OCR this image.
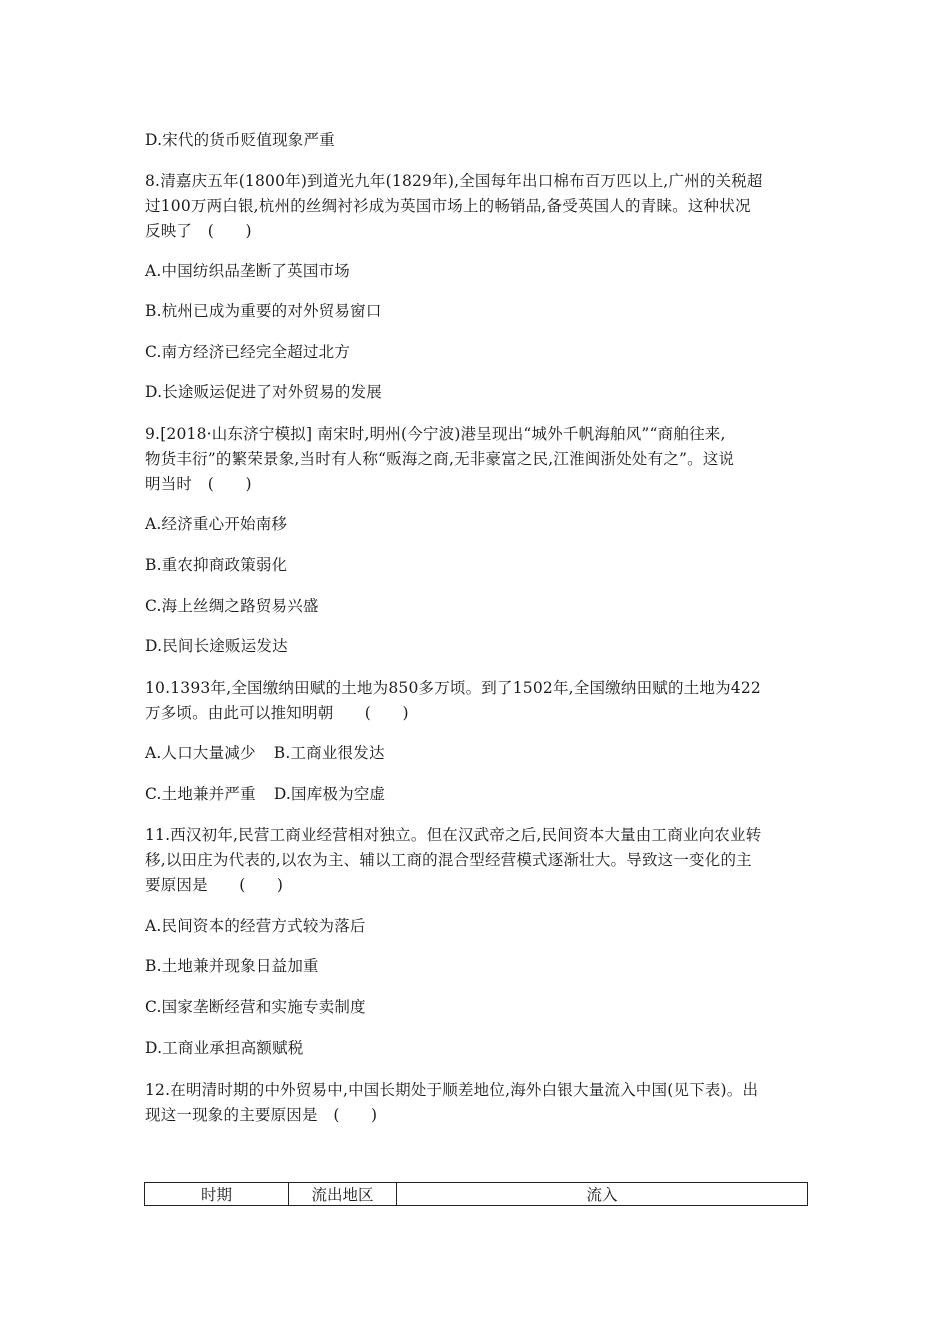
D.宋代的货币贬值现象严重
8.清嘉庆五年(1800年)到道光九年(1829年),全国每年出口棉布百万匹以上,广州的关税超
过100万两白银,杭州的丝绸衬衫成为英国市场上的畅销品,备受英国人的青睐。这种状况
反映了　(　　)
A.中国纺织品垄断了英国市场
B.杭州已成为重要的对外贸易窗口
C.南方经济已经完全超过北方
D.长途贩运促进了对外贸易的发展
9.[2018·山东济宁模拟] 南宋时,明州(今宁波)港呈现出“城外千帆海舶风”“商舶往来,
物货丰衍”的繁荣景象,当时有人称“贩海之商,无非豪富之民,江淮闽浙处处有之”。这说
明当时　(　　)
A.经济重心开始南移
B.重农抑商政策弱化
C.海上丝绸之路贸易兴盛
D.民间长途贩运发达
10.1393年,全国缴纳田赋的土地为850多万顷。到了1502年,全国缴纳田赋的土地为422
万多顷。由此可以推知明朝　　(　　)
A.人口大量减少 B.工商业很发达
C.土地兼并严重 D.国库极为空虚
11.西汉初年,民营工商业经营相对独立。但在汉武帝之后,民间资本大量由工商业向农业转
移,以田庄为代表的,以农为主、辅以工商的混合型经营模式逐渐壮大。导致这一变化的主
要原因是　　(　　)
A.民间资本的经营方式较为落后
B.土地兼并现象日益加重
C.国家垄断经营和实施专卖制度
D.工商业承担高额赋税
12.在明清时期的中外贸易中,中国长期处于顺差地位,海外白银大量流入中国(见下表)。出
现这一现象的主要原因是　(　　)
时期	流出地区	流入
